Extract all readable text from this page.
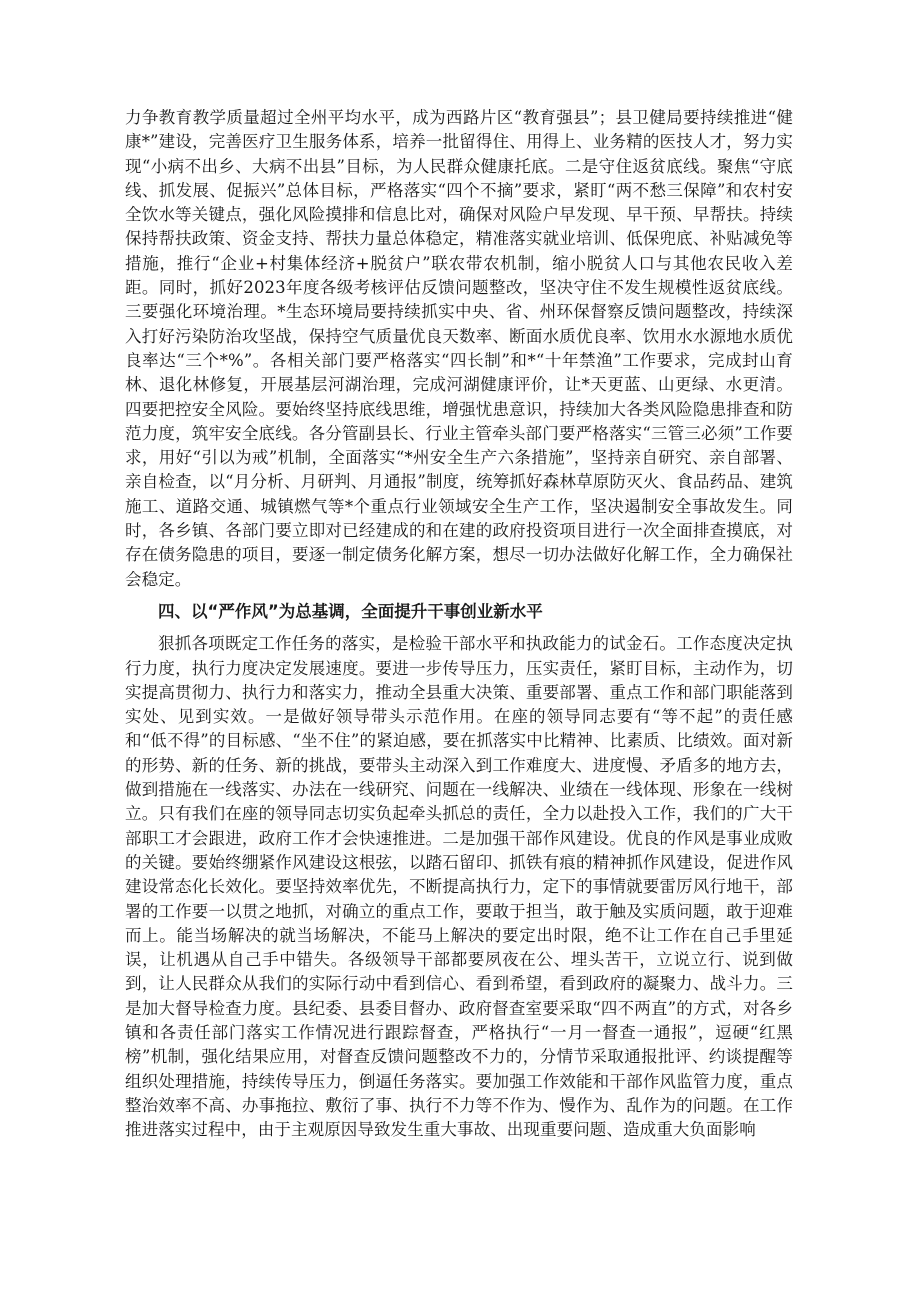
力争教育教学质量超过全州平均水平，成为西路片区“教育强县”；县卫健局要持续推进“健康*”建设，完善医疗卫生服务体系，培养一批留得住、用得上、业务精的医技人才，努力实现“小病不出乡、大病不出县”目标，为人民群众健康托底。二是守住返贫底线。聚焦“守底线、抓发展、促振兴”总体目标，严格落实“四个不摘”要求，紧盯“两不愁三保障”和农村安全饮水等关键点，强化风险摸排和信息比对，确保对风险户早发现、早干预、早帮扶。持续保持帮扶政策、资金支持、帮扶力量总体稳定，精准落实就业培训、低保兜底、补贴减免等措施，推行“企业+村集体经济+脱贫户”联农带农机制，缩小脱贫人口与其他农民收入差距。同时，抓好2023年度各级考核评估反馈问题整改，坚决守住不发生规模性返贫底线。三要强化环境治理。*生态环境局要持续抓实中央、省、州环保督察反馈问题整改，持续深入打好污染防治攻坚战，保持空气质量优良天数率、断面水质优良率、饮用水水源地水质优良率达“三个*%”。各相关部门要严格落实“四长制”和*“十年禁渔”工作要求，完成封山育林、退化林修复，开展基层河湖治理，完成河湖健康评价，让*天更蓝、山更绿、水更清。四要把控安全风险。要始终坚持底线思维，增强忧患意识，持续加大各类风险隐患排查和防范力度，筑牢安全底线。各分管副县长、行业主管牵头部门要严格落实“三管三必须”工作要求，用好“引以为戒”机制，全面落实“*州安全生产六条措施”，坚持亲自研究、亲自部署、亲自检查，以“月分析、月研判、月通报”制度，统筹抓好森林草原防灭火、食品药品、建筑施工、道路交通、城镇燃气等*个重点行业领域安全生产工作，坚决遏制安全事故发生。同时，各乡镇、各部门要立即对已经建成的和在建的政府投资项目进行一次全面排查摸底，对存在债务隐患的项目，要逐一制定债务化解方案，想尽一切办法做好化解工作，全力确保社会稳定。

四、以“严作风”为总基调，全面提升干事创业新水平

狠抓各项既定工作任务的落实，是检验干部水平和执政能力的试金石。工作态度决定执行力度，执行力度决定发展速度。要进一步传导压力，压实责任，紧盯目标，主动作为，切实提高贯彻力、执行力和落实力，推动全县重大决策、重要部署、重点工作和部门职能落到实处、见到实效。一是做好领导带头示范作用。在座的领导同志要有“等不起”的责任感和“低不得”的目标感、“坐不住”的紧迫感，要在抓落实中比精神、比素质、比绩效。面对新的形势、新的任务、新的挑战，要带头主动深入到工作难度大、进度慢、矛盾多的地方去，做到措施在一线落实、办法在一线研究、问题在一线解决、业绩在一线体现、形象在一线树立。只有我们在座的领导同志切实负起牵头抓总的责任，全力以赴投入工作，我们的广大干部职工才会跟进，政府工作才会快速推进。二是加强干部作风建设。优良的作风是事业成败的关键。要始终绷紧作风建设这根弦，以踏石留印、抓铁有痕的精神抓作风建设，促进作风建设常态化长效化。要坚持效率优先，不断提高执行力，定下的事情就要雷厉风行地干，部署的工作要一以贯之地抓，对确立的重点工作，要敢于担当，敢于触及实质问题，敢于迎难而上。能当场解决的就当场解决，不能马上解决的要定出时限，绝不让工作在自己手里延误，让机遇从自己手中错失。各级领导干部都要夙夜在公、埋头苦干，立说立行、说到做到，让人民群众从我们的实际行动中看到信心、看到希望，看到政府的凝聚力、战斗力。三是加大督导检查力度。县纪委、县委目督办、政府督查室要采取“四不两直”的方式，对各乡镇和各责任部门落实工作情况进行跟踪督查，严格执行“一月一督查一通报”，逗硬“红黑榜”机制，强化结果应用，对督查反馈问题整改不力的，分情节采取通报批评、约谈提醒等组织处理措施，持续传导压力，倒逼任务落实。要加强工作效能和干部作风监管力度，重点整治效率不高、办事拖拉、敷衍了事、执行不力等不作为、慢作为、乱作为的问题。在工作推进落实过程中，由于主观原因导致发生重大事故、出现重要问题、造成重大负面影响
